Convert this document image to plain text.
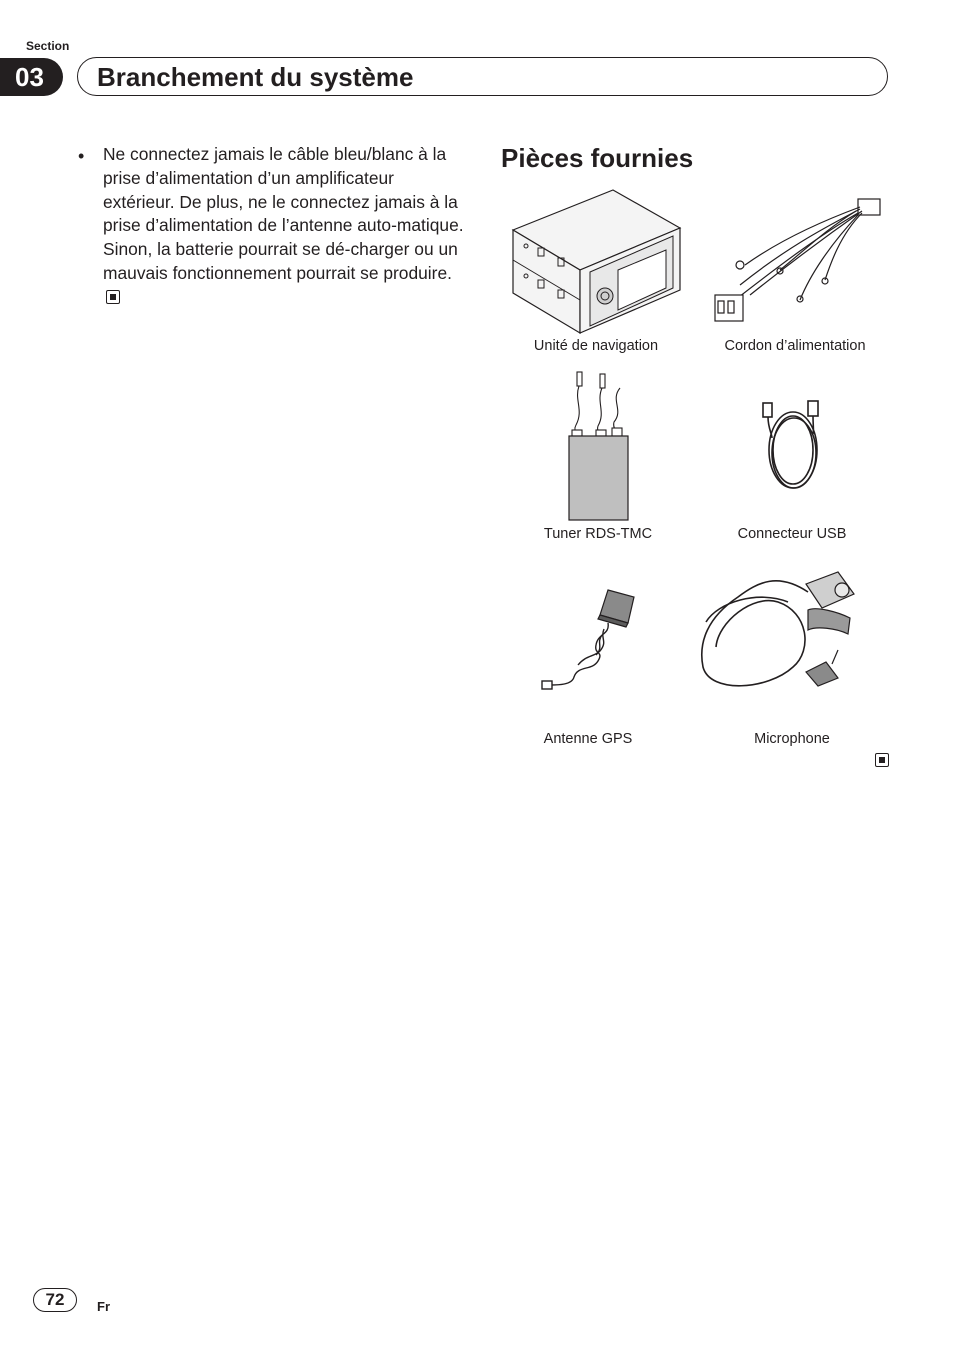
Section
03	Branchement du système
• Ne connectez jamais le câble bleu/blanc à la prise d’alimentation d’un amplificateur extérieur. De plus, ne le connectez jamais à la prise d’alimentation de l’antenne auto-matique. Sinon, la batterie pourrait se dé-charger ou un mauvais fonctionnement pourrait se produire.
Pièces fournies
Unité de navigation	Cordon d’alimentation
Tuner RDS-TMC	Connecteur USB
Antenne GPS	Microphone
72	Fr
